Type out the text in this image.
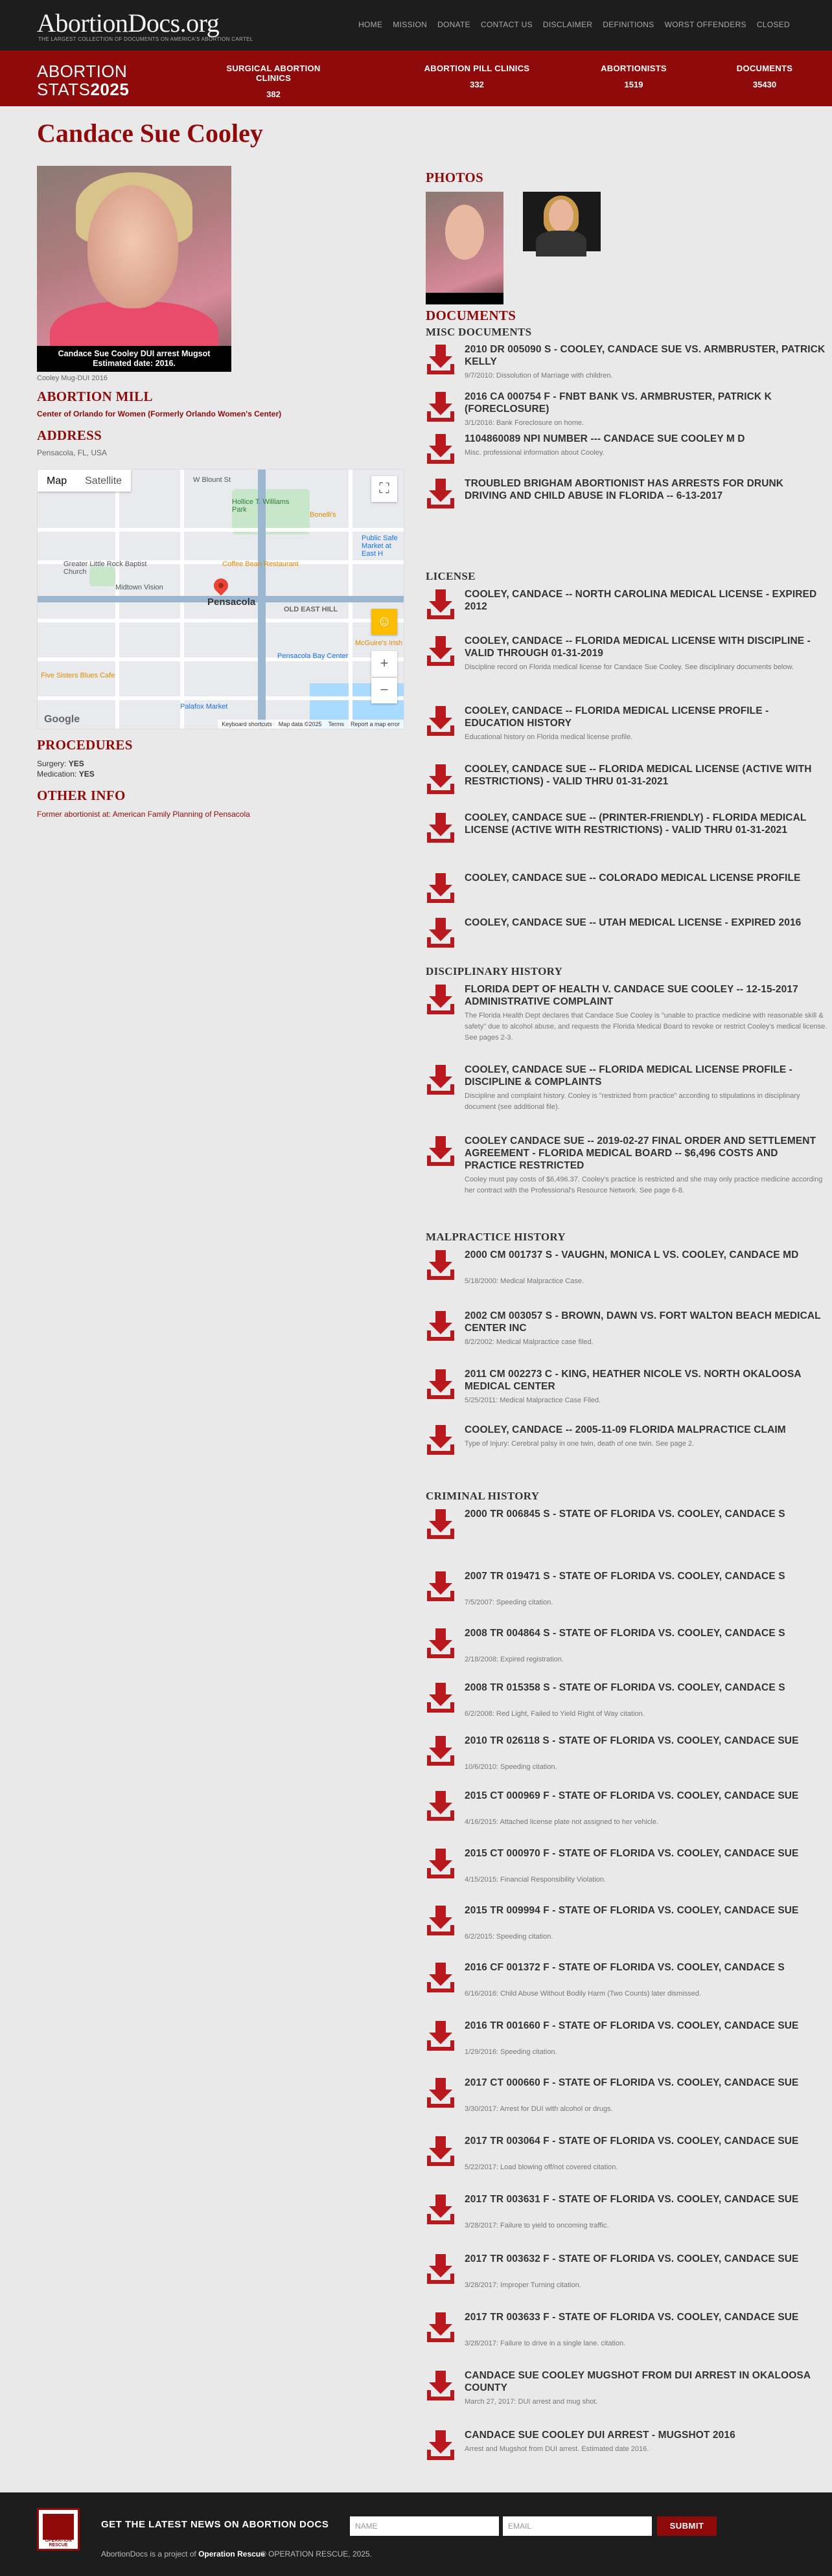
AbortionDocs.org
THE LARGEST COLLECTION OF DOCUMENTS ON AMERICA'S ABORTION CARTEL
HOME MISSION DONATE CONTACT US DISCLAIMER DEFINITIONS WORST OFFENDERS CLOSED
ABORTION
STATS2025
SURGICAL ABORTION CLINICS
382
ABORTION PILL CLINICS
332
ABORTIONISTS
1519
DOCUMENTS
35430
Candace Sue Cooley
Candace Sue Cooley DUI arrest Mugsot
Estimated date: 2016.
Cooley Mug-DUI 2016
ABORTION MILL
Center of Orlando for Women (Formerly Orlando Women's Center)
ADDRESS
Pensacola, FL, USA
W Blount St
Bonelli's
Public Safe Market at East H
Coffee Bean Restaurant
OLD EAST HILL
Greater Little Rock Baptist Church
Midtown Vision
Pensacola Bay Center
Five Sisters Blues Cafe
Palafox Market
McGuire's Irish
Hollice T. Williams Park
Pensacola
Map	Satellite	⛶
☺
+
−
Google	Keyboard shortcuts Map data ©2025 Terms Report a map error
PROCEDURES
Surgery: YES
Medication: YES
OTHER INFO
Former abortionist at: American Family Planning of Pensacola
PHOTOS
DOCUMENTS
MISC DOCUMENTS
2010 DR 005090 S - COOLEY, CANDACE SUE VS. ARMBRUSTER, PATRICK KELLY
9/7/2010: Dissolution of Marriage with children.
2016 CA 000754 F - FNBT BANK VS. ARMBRUSTER, PATRICK K (FORECLOSURE)
3/1/2016: Bank Foreclosure on home.
1104860089 NPI NUMBER --- CANDACE SUE COOLEY M D
Misc. professional information about Cooley.
TROUBLED BRIGHAM ABORTIONIST HAS ARRESTS FOR DRUNK DRIVING AND CHILD ABUSE IN FLORIDA -- 6-13-2017
LICENSE
COOLEY, CANDACE -- NORTH CAROLINA MEDICAL LICENSE - EXPIRED 2012
COOLEY, CANDACE -- FLORIDA MEDICAL LICENSE WITH DISCIPLINE - VALID THROUGH 01-31-2019
Discipline record on Florida medical license for Candace Sue Cooley. See disciplinary documents below.
COOLEY, CANDACE -- FLORIDA MEDICAL LICENSE PROFILE - EDUCATION HISTORY
Educational history on Florida medical license profile.
COOLEY, CANDACE SUE -- FLORIDA MEDICAL LICENSE (ACTIVE WITH RESTRICTIONS) - VALID THRU 01-31-2021
COOLEY, CANDACE SUE -- (PRINTER-FRIENDLY) - FLORIDA MEDICAL LICENSE (ACTIVE WITH RESTRICTIONS) - VALID THRU 01-31-2021
COOLEY, CANDACE SUE -- COLORADO MEDICAL LICENSE PROFILE
COOLEY, CANDACE SUE -- UTAH MEDICAL LICENSE - EXPIRED 2016
DISCIPLINARY HISTORY
FLORIDA DEPT OF HEALTH V. CANDACE SUE COOLEY -- 12-15-2017 ADMINISTRATIVE COMPLAINT
The Florida Health Dept declares that Candace Sue Cooley is "unable to practice medicine with reasonable skill & safety" due to alcohol abuse, and requests the Florida Medical Board to revoke or restrict Cooley's medical license. See pages 2-3.
COOLEY, CANDACE SUE -- FLORIDA MEDICAL LICENSE PROFILE - DISCIPLINE & COMPLAINTS
Discipline and complaint history. Cooley is "restricted from practice" according to stipulations in disciplinary document (see additional file).
COOLEY CANDACE SUE -- 2019-02-27 FINAL ORDER AND SETTLEMENT AGREEMENT - FLORIDA MEDICAL BOARD -- $6,496 COSTS AND PRACTICE RESTRICTED
Cooley must pay costs of $6,496.37. Cooley's practice is restricted and she may only practice medicine according her contract with the Professional's Resource Network. See page 6-8.
MALPRACTICE HISTORY
2000 CM 001737 S - VAUGHN, MONICA L VS. COOLEY, CANDACE MD
5/18/2000: Medical Malpractice Case.
2002 CM 003057 S - BROWN, DAWN VS. FORT WALTON BEACH MEDICAL CENTER INC
8/2/2002: Medical Malpractice case filed.
2011 CM 002273 C - KING, HEATHER NICOLE VS. NORTH OKALOOSA MEDICAL CENTER
5/25/2011: Medical Malpractice Case Filed.
COOLEY, CANDACE -- 2005-11-09 FLORIDA MALPRACTICE CLAIM
Type of Injury: Cerebral palsy in one twin, death of one twin. See page 2.
CRIMINAL HISTORY
2000 TR 006845 S - STATE OF FLORIDA VS. COOLEY, CANDACE S
2007 TR 019471 S - STATE OF FLORIDA VS. COOLEY, CANDACE S
7/5/2007: Speeding citation.
2008 TR 004864 S - STATE OF FLORIDA VS. COOLEY, CANDACE S
2/18/2008: Expired registration.
2008 TR 015358 S - STATE OF FLORIDA VS. COOLEY, CANDACE S
6/2/2008: Red Light, Failed to Yield Right of Way citation.
2010 TR 026118 S - STATE OF FLORIDA VS. COOLEY, CANDACE SUE
10/6/2010: Speeding citation.
2015 CT 000969 F - STATE OF FLORIDA VS. COOLEY, CANDACE SUE
4/16/2015: Attached license plate not assigned to her vehicle.
2015 CT 000970 F - STATE OF FLORIDA VS. COOLEY, CANDACE SUE
4/15/2015: Financial Responsibility Violation.
2015 TR 009994 F - STATE OF FLORIDA VS. COOLEY, CANDACE SUE
6/2/2015: Speeding citation.
2016 CF 001372 F - STATE OF FLORIDA VS. COOLEY, CANDACE S
6/16/2016: Child Abuse Without Bodily Harm (Two Counts) later dismissed.
2016 TR 001660 F - STATE OF FLORIDA VS. COOLEY, CANDACE SUE
1/29/2016: Speeding citation.
2017 CT 000660 F - STATE OF FLORIDA VS. COOLEY, CANDACE SUE
3/30/2017: Arrest for DUI with alcohol or drugs.
2017 TR 003064 F - STATE OF FLORIDA VS. COOLEY, CANDACE SUE
5/22/2017: Load blowing off/not covered citation.
2017 TR 003631 F - STATE OF FLORIDA VS. COOLEY, CANDACE SUE
3/28/2017: Failure to yield to oncoming traffic.
2017 TR 003632 F - STATE OF FLORIDA VS. COOLEY, CANDACE SUE
3/28/2017: Improper Turning citation.
2017 TR 003633 F - STATE OF FLORIDA VS. COOLEY, CANDACE SUE
3/28/2017: Failure to drive in a single lane. citation.
CANDACE SUE COOLEY MUGSHOT FROM DUI ARREST IN OKALOOSA COUNTY
March 27, 2017: DUI arrest and mug shot.
CANDACE SUE COOLEY DUI ARREST - MUGSHOT 2016
Arrest and Mugshot from DUI arrest. Estimated date 2016.
OPERATION RESCUE
GET THE LATEST NEWS ON ABORTION DOCS	NAME	EMAIL	SUBMIT
AbortionDocs is a project of Operation Rescue
© OPERATION RESCUE, 2025.
